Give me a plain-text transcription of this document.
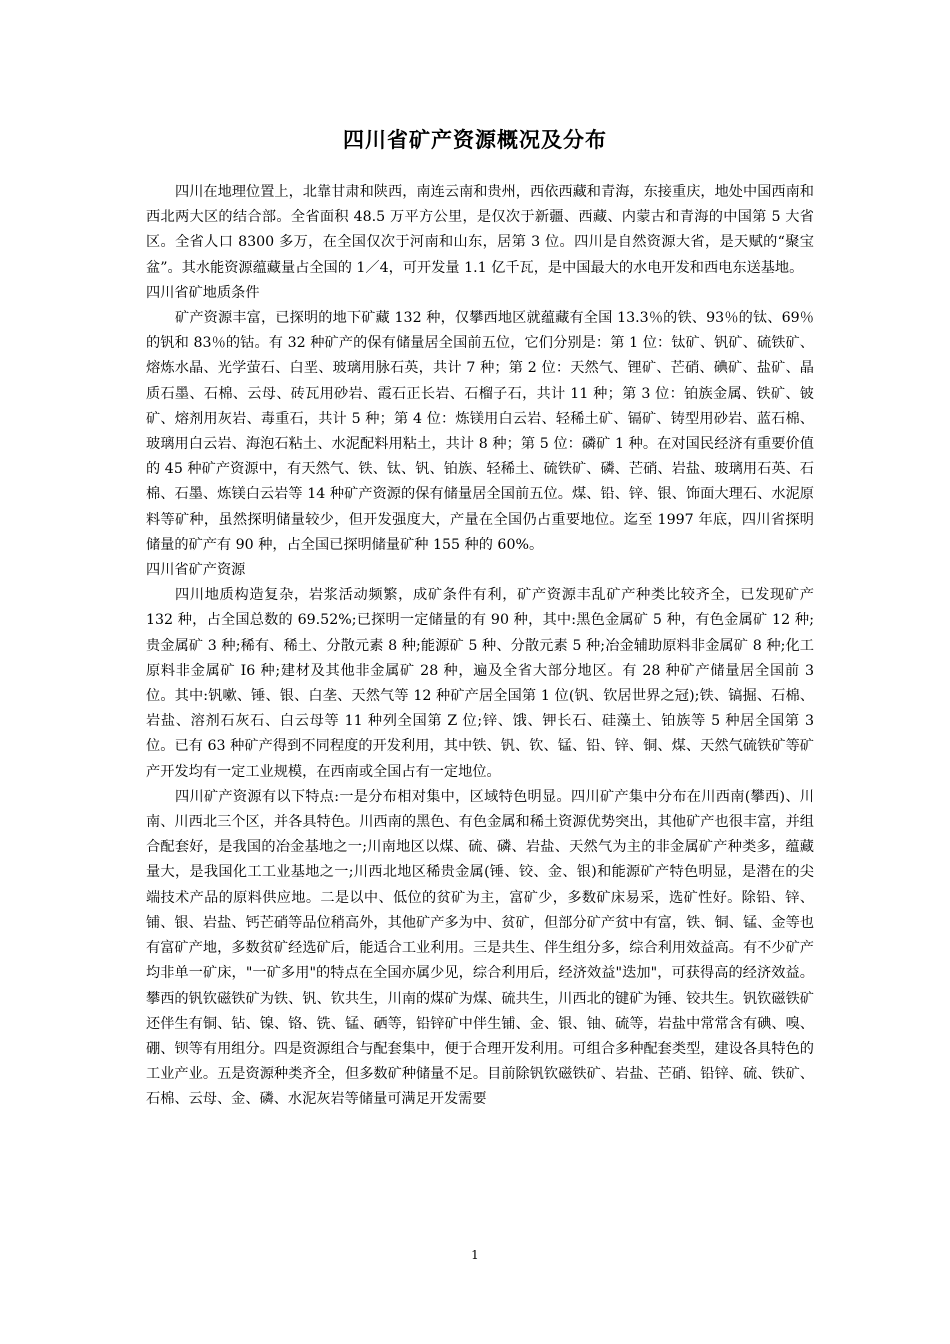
四川省矿产资源概况及分布

四川在地理位置上，北靠甘肃和陕西，南连云南和贵州，西依西藏和青海，东接重庆，地处中国西南和西北两大区的结合部。全省面积 48.5 万平方公里，是仅次于新疆、西藏、内蒙古和青海的中国第 5 大省区。全省人口 8300 多万，在全国仅次于河南和山东，居第 3 位。四川是自然资源大省，是天赋的“聚宝盆”。其水能资源蕴藏量占全国的 1／4，可开发量 1.1 亿千瓦，是中国最大的水电开发和西电东送基地。

四川省矿地质条件

矿产资源丰富，已探明的地下矿藏 132 种，仅攀西地区就蕴藏有全国 13.3％的铁、93％的钛、69％的钒和 83％的钴。有 32 种矿产的保有储量居全国前五位，它们分别是：第 1 位：钛矿、钒矿、硫铁矿、熔炼水晶、光学萤石、白垩、玻璃用脉石英，共计 7 种；第 2 位：天然气、锂矿、芒硝、碘矿、盐矿、晶质石墨、石棉、云母、砖瓦用砂岩、霞石正长岩、石榴子石，共计 11 种；第 3 位：铂族金属、铁矿、铍矿、熔剂用灰岩、毒重石，共计 5 种；第 4 位：炼镁用白云岩、轻稀土矿、镉矿、铸型用砂岩、蓝石棉、玻璃用白云岩、海泡石粘土、水泥配料用粘土，共计 8 种；第 5 位：磷矿 1 种。在对国民经济有重要价值的 45 种矿产资源中，有天然气、铁、钛、钒、铂族、轻稀土、硫铁矿、磷、芒硝、岩盐、玻璃用石英、石棉、石墨、炼镁白云岩等 14 种矿产资源的保有储量居全国前五位。煤、铅、锌、银、饰面大理石、水泥原料等矿种，虽然探明储量较少，但开发强度大，产量在全国仍占重要地位。迄至 1997 年底，四川省探明储量的矿产有 90 种，占全国已探明储量矿种 155 种的 60%。

四川省矿产资源

四川地质构造复杂，岩浆活动频繁，成矿条件有利，矿产资源丰乱矿产种类比较齐全，已发现矿产 132 种，占全国总数的 69.52%;已探明一定储量的有 90 种，其中:黑色金属矿 5 种，有色金属矿 12 种;贵金属矿 3 种;稀有、稀土、分散元素 8 种;能源矿 5 种、分散元素 5 种;冶金辅助原料非金属矿 8 种;化工原料非金属矿 I6 种;建材及其他非金属矿 28 种，遍及全省大部分地区。有 28 种矿产储量居全国前 3 位。其中:钒嗽、锤、银、白垄、天然气等 12 种矿产居全国第 1 位(钒、钦居世界之冠);铁、镐掘、石棉、岩盐、溶剂石灰石、白云母等 11 种列全国第 Z 位;锌、饿、钾长石、硅藻土、铂族等 5 种居全国第 3 位。已有 63 种矿产得到不同程度的开发利用，其中铁、钒、钦、锰、铅、锌、铜、煤、天然气硫铁矿等矿产开发均有一定工业规模，在西南或全国占有一定地位。

四川矿产资源有以下特点:一是分布相对集中，区域特色明显。四川矿产集中分布在川西南(攀西)、川南、川西北三个区，并各具特色。川西南的黑色、有色金属和稀土资源优势突出，其他矿产也很丰富，并组合配套好，是我国的冶金基地之一;川南地区以煤、硫、磷、岩盐、天然气为主的非金属矿产种类多，蕴藏量大，是我国化工工业基地之一;川西北地区稀贵金属(锤、铰、金、银)和能源矿产特色明显，是潜在的尖端技术产品的原料供应地。二是以中、低位的贫矿为主，富矿少，多数矿床易采，选矿性好。除铅、锌、铺、银、岩盐、钙芒硝等品位稍高外，其他矿产多为中、贫矿，但部分矿产贫中有富，铁、铜、锰、金等也有富矿产地，多数贫矿经选矿后，能适合工业利用。三是共生、伴生组分多，综合利用效益高。有不少矿产均非单一矿床，"一矿多用"的特点在全国亦属少见，综合利用后，经济效益"迭加"，可获得高的经济效益。攀西的钒钦磁铁矿为铁、钒、钦共生，川南的煤矿为煤、硫共生，川西北的键矿为锤、铰共生。钒钦磁铁矿还伴生有铜、钻、镍、铬、铣、锰、硒等，铅锌矿中伴生铺、金、银、铀、硫等，岩盐中常常含有碘、嗅、硼、钡等有用组分。四是资源组合与配套集中，便于合理开发利用。可组合多种配套类型，建设各具特色的工业产业。五是资源种类齐全，但多数矿种储量不足。目前除钒钦磁铁矿、岩盐、芒硝、铅锌、硫、铁矿、石棉、云母、金、磷、水泥灰岩等储量可满足开发需要

1
